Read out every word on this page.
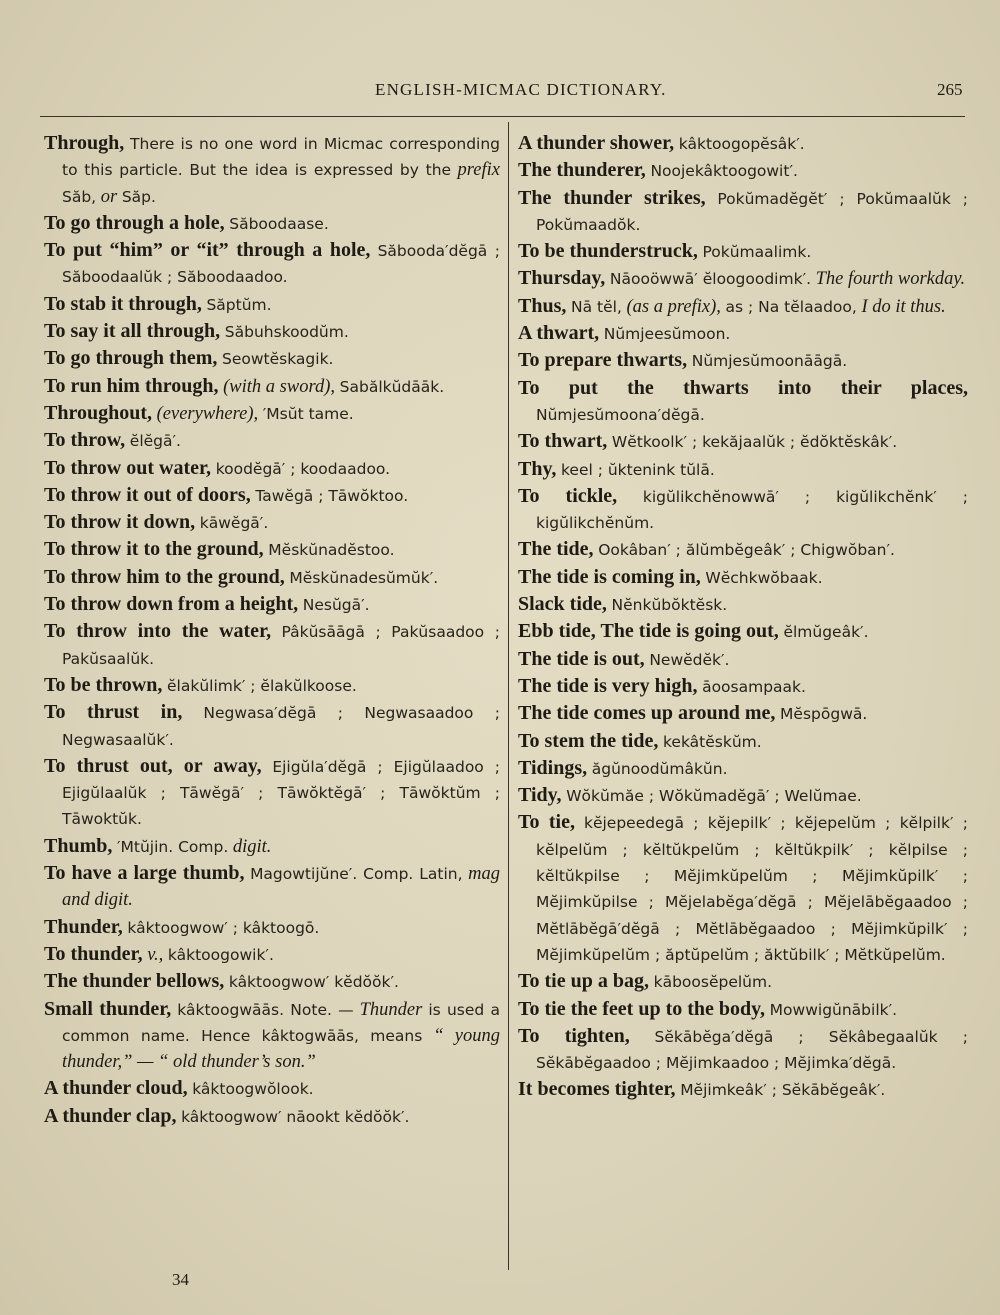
ENGLISH-MICMAC DICTIONARY.	265

Through, There is no one word in Micmac corresponding to this particle. But the idea is expressed by the prefix Săb, or Săp.

To go through a hole, Săboodaase.

To put “him” or “it” through a hole, Săbooda′dĕgā ; Săboodaalŭk ; Săboodaadoo.

To stab it through, Săptŭm.

To say it all through, Săbuhskoodŭm.

To go through them, Seowtĕskagik.

To run him through, (with a sword), Sabălkŭdāāk.

Throughout, (everywhere), ′Msŭt tame.

To throw, ĕlĕgā′.

To throw out water, koodĕgā′ ; koodaadoo.

To throw it out of doors, Tawĕgā ; Tāwŏktoo.

To throw it down, kāwĕgā′.

To throw it to the ground, Mĕskŭnadĕstoo.

To throw him to the ground, Mĕskŭnadesŭmŭk′.

To throw down from a height, Nesŭgā′.

To throw into the water, Pâkŭsāāgā ; Pakŭsaadoo ; Pakŭsaalŭk.

To be thrown, ĕlakŭlimk′ ; ĕlakŭlkoose.

To thrust in, Negwasa′dĕgā ; Negwasaadoo ; Negwasaalŭk′.

To thrust out, or away, Ejigŭla′dĕgā ; Ejigŭlaadoo ; Ejigŭlaalŭk ; Tāwĕgā′ ; Tāwŏktĕgā′ ; Tāwŏktŭm ; Tāwoktŭk.

Thumb, ′Mtŭjin. Comp. digit.

To have a large thumb, Magowtijŭne′. Comp. Latin, mag and digit.

Thunder, kâktoogwow′ ; kâktoogō.

To thunder, v., kâktoogowik′.

The thunder bellows, kâktoogwow′ kĕdŏŏk′.

Small thunder, kâktoogwāās. Note. — Thunder is used a common name. Hence kâktogwāās, means “ young thunder,” — “ old thunder’s son.”

A thunder cloud, kâktoogwŏlook.

A thunder clap, kâktoogwow′ nāookt kĕdŏŏk′.

A thunder shower, kâktoogopĕsâk′.

The thunderer, Noojekâktoogowit′.

The thunder strikes, Pokŭmadĕgĕt′ ; Pokŭmaalŭk ; Pokŭmaadŏk.

To be thunderstruck, Pokŭmaalimk.

Thursday, Nāooöwwā′ ĕloogoodimk′. The fourth workday.

Thus, Nā tĕl, (as a prefix), as ; Na tĕlaadoo, I do it thus.

A thwart, Nŭmjeesŭmoon.

To prepare thwarts, Nŭmjesŭmoonāāgā.

To put the thwarts into their places, Nŭmjesŭmoona′dĕgā.

To thwart, Wĕtkoolk′ ; kekăjaalŭk ; ĕdŏktĕskâk′.

Thy, keel ; ŭktenink tŭlā.

To tickle, kigŭlikchĕnowwā′ ; kigŭlikchĕnk′ ; kigŭlikchĕnŭm.

The tide, Ookâban′ ; ălŭmbĕgeâk′ ; Chigwŏban′.

The tide is coming in, Wĕchkwŏbaak.

Slack tide, Nĕnkŭbŏktĕsk.

Ebb tide, The tide is going out, ĕlmŭgeâk′.

The tide is out, Newĕdĕk′.

The tide is very high, āoosampaak.

The tide comes up around me, Mĕspōgwā.

To stem the tide, kekâtĕskŭm.

Tidings, ăgŭnoodŭmâkŭn.

Tidy, Wŏkŭmăe ; Wŏkŭmadĕgā′ ; Welŭmae.

To tie, kĕjepeedegā ; kĕjepilk′ ; kĕjepelŭm ; kĕlpilk′ ; kĕlpelŭm ; kĕltŭkpelŭm ; kĕltŭkpilk′ ; kĕlpilse ; kĕltŭkpilse ; Mĕjimkŭpelŭm ; Mĕjimkŭpilk′ ; Mĕjimkŭpilse ; Mĕjelabĕga′dĕgā ; Mĕjelābĕgaadoo ; Mĕtlābĕgā′dĕgā ; Mĕtlābĕgaadoo ; Mĕjimkŭpilk′ ; Mĕjimkŭpelŭm ; ăptŭpelŭm ; ăktŭbilk′ ; Mĕtkŭpelŭm.

To tie up a bag, kāboosĕpelŭm.

To tie the feet up to the body, Mowwigŭnābilk′.

To tighten, Sĕkābĕga′dĕgā ; Sĕkâbegaalŭk ; Sĕkābĕgaadoo ; Mĕjimkaadoo ; Mĕjimka′dĕgā.

It becomes tighter, Mĕjimkeâk′ ; Sĕkābĕgeâk′.

34
